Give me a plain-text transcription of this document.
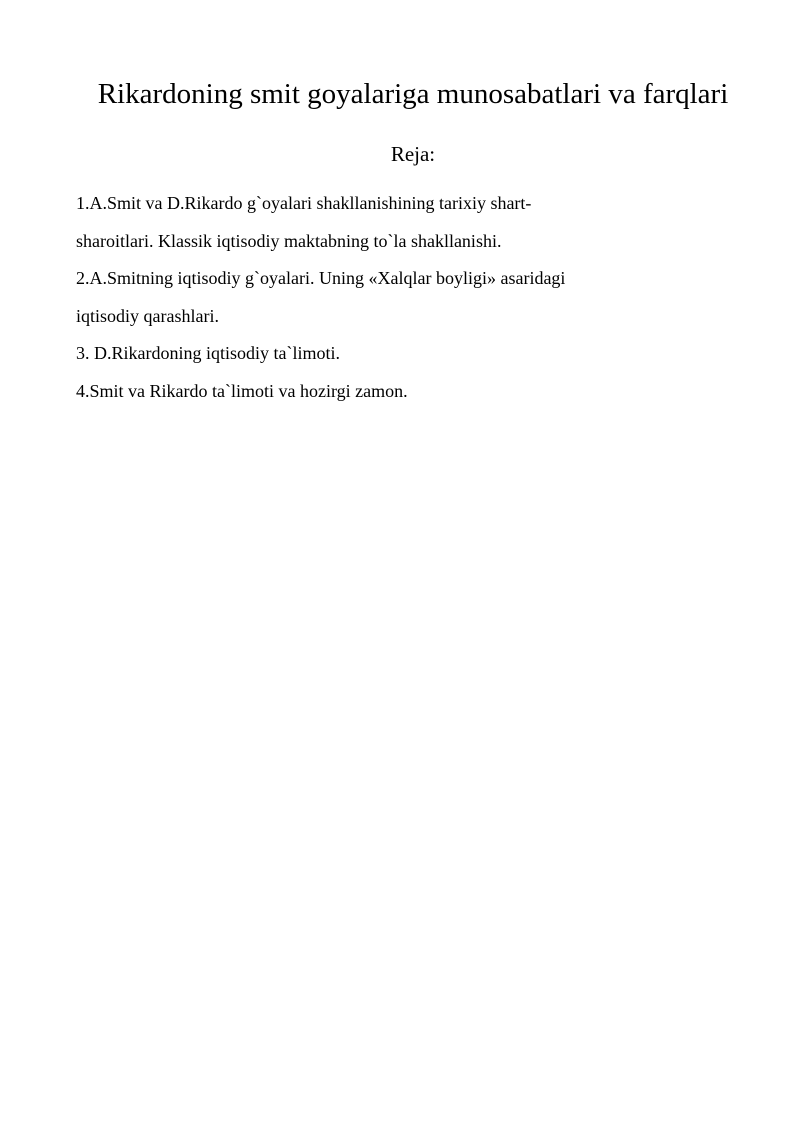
Rikardoning smit goyalariga munosabatlari va farqlari
Reja:
1.A.Smit va D.Rikardo g`oyalari shakllanishining tarixiy shart-
sharoitlari. Klassik iqtisodiy maktabning to`la shakllanishi.
2.A.Smitning iqtisodiy g`oyalari. Uning «Xalqlar boyligi» asaridagi
iqtisodiy qarashlari.
3. D.Rikardoning iqtisodiy ta`limoti.
4.Smit va Rikardo ta`limoti va hozirgi zamon.
